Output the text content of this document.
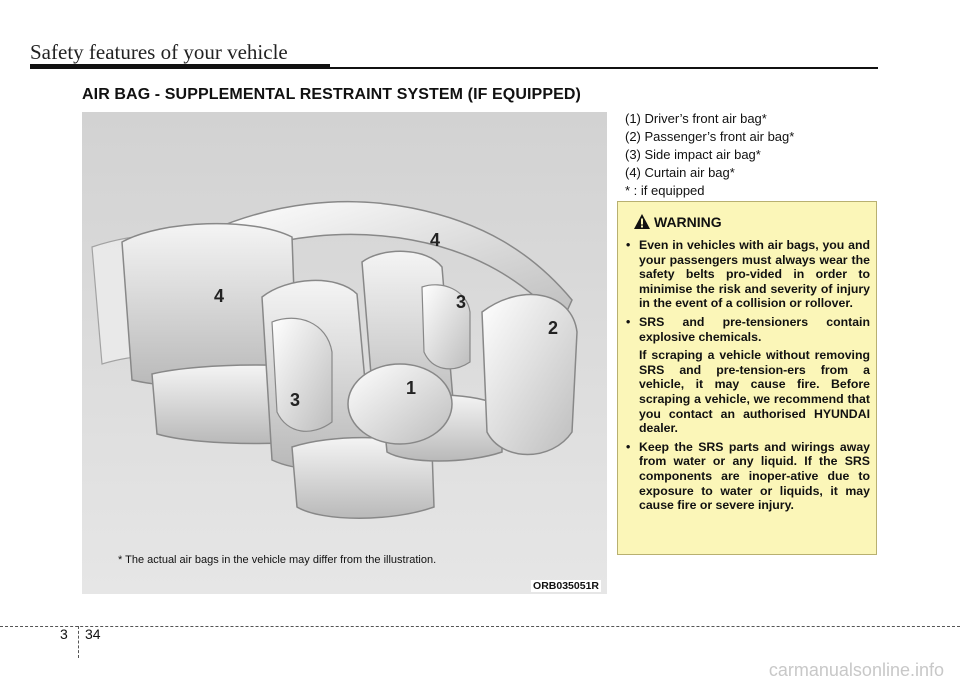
Safety features of your vehicle
AIR BAG - SUPPLEMENTAL RESTRAINT SYSTEM (IF EQUIPPED)
4
4
3
3
2
1
* The actual air bags in the vehicle may differ from the illustration.
ORB035051R
(1) Driver’s front air bag*
(2) Passenger’s front air bag*
(3) Side impact air bag*
(4) Curtain air bag*
* : if equipped
WARNING
• Even in vehicles with air bags, you and your passengers must always wear the safety belts pro-vided in order to minimise the risk and severity of injury in the event of a collision or rollover.
• SRS and pre-tensioners contain explosive chemicals.
If scraping a vehicle without removing SRS and pre-tension-ers from a vehicle, it may cause fire. Before scraping a vehicle, we recommend that you contact an authorised HYUNDAI dealer.
• Keep the SRS parts and wirings away from water or any liquid. If the SRS components are inoper-ative due to exposure to water or liquids, it may cause fire or severe injury.
3 34
carmanualsonline.info
